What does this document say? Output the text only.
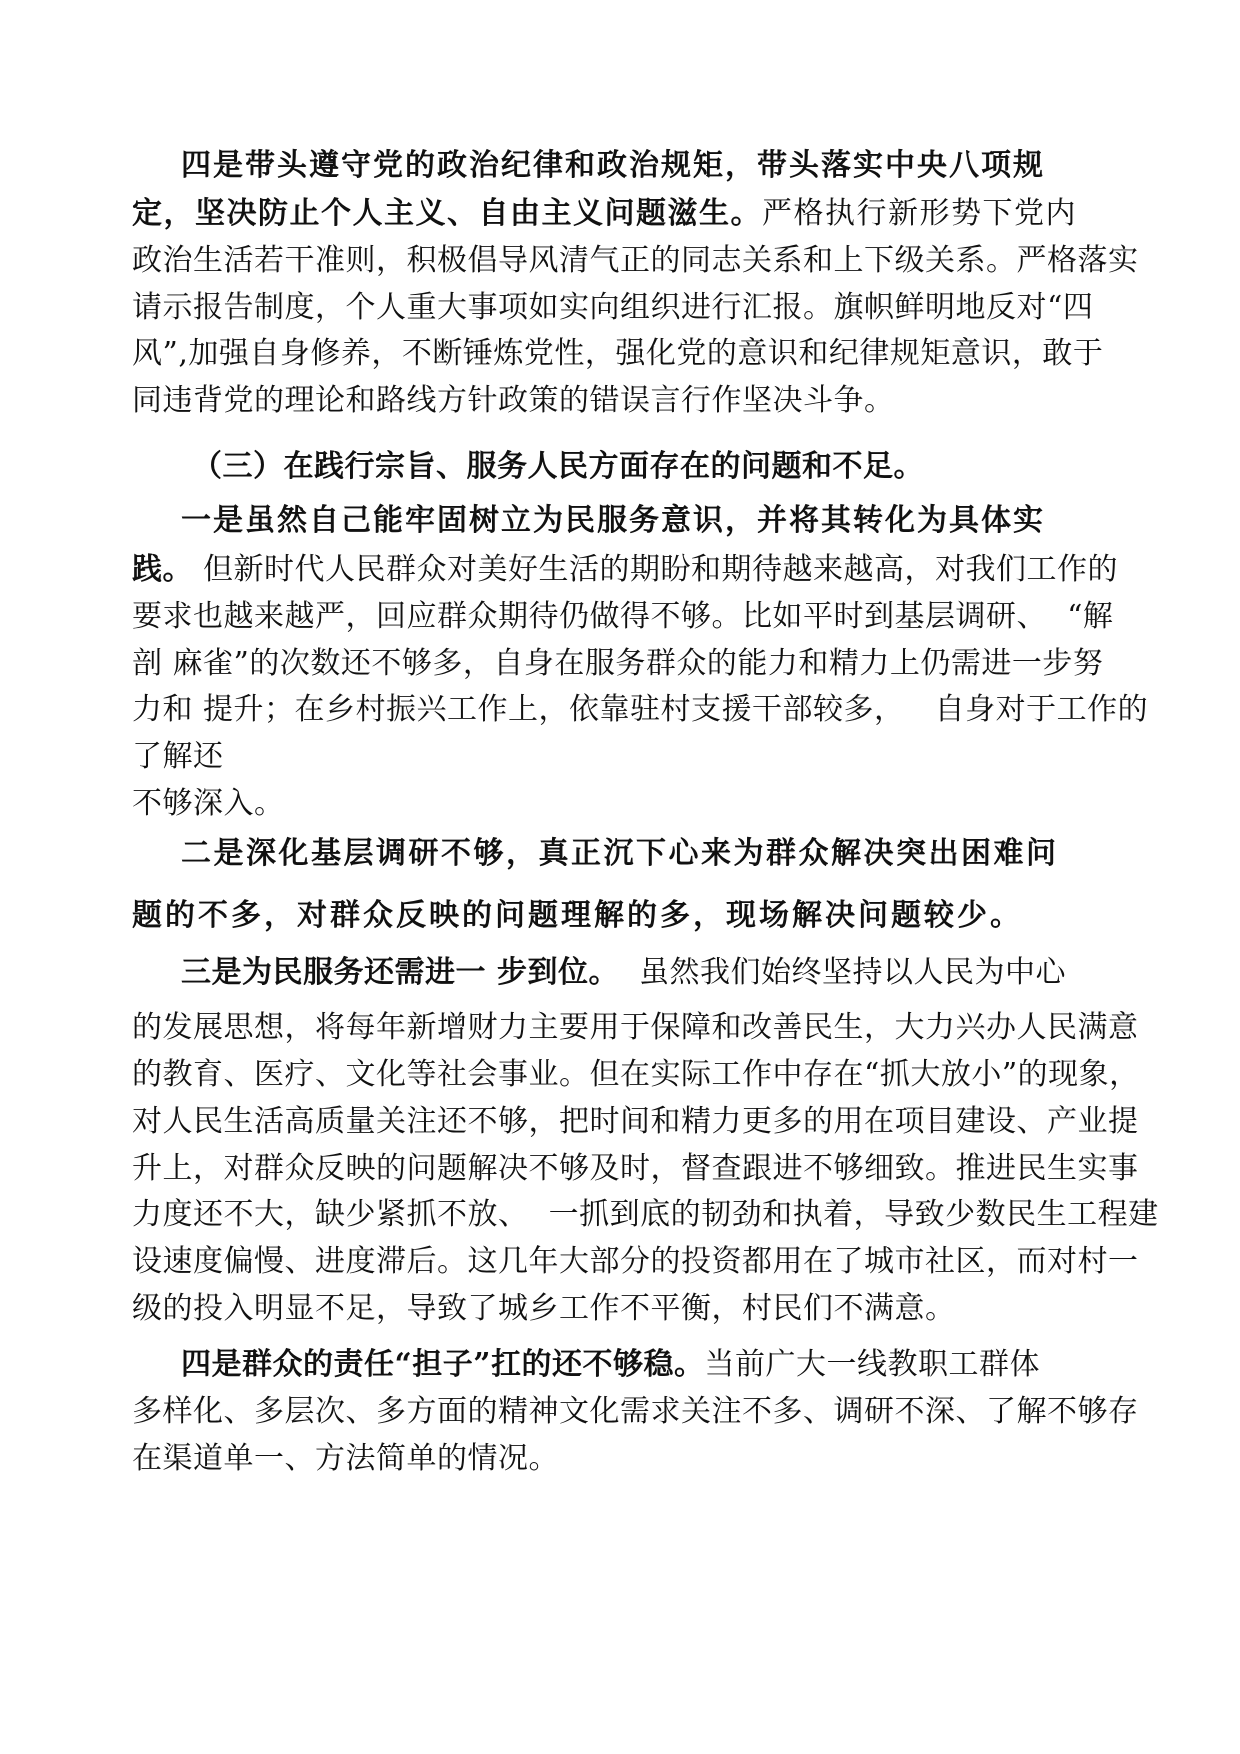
四是带头遵守党的政治纪律和政治规矩，带头落实中央八项规
定，坚决防止个人主义、自由主义问题滋生。严格执行新形势下党内
政治生活若干准则，积极倡导风清气正的同志关系和上下级关系。严格落实
请示报告制度，个人重大事项如实向组织进行汇报。旗帜鲜明地反对“四
风”,加强自身修养，不断锤炼党性，强化党的意识和纪律规矩意识，敢于
同违背党的理论和路线方针政策的错误言行作坚决斗争。
（三）在践行宗旨、服务人民方面存在的问题和不足。
一是虽然自己能牢固树立为民服务意识，并将其转化为具体实
践。 但新时代人民群众对美好生活的期盼和期待越来越高，对我们工作的
要求也越来越严，回应群众期待仍做得不够。比如平时到基层调研、  “解
剖 麻雀”的次数还不够多，自身在服务群众的能力和精力上仍需进一步努
力和 提升；在乡村振兴工作上，依靠驻村支援干部较多，   自身对于工作的
了解还
不够深入。
二是深化基层调研不够，真正沉下心来为群众解决突出困难问
题的不多，对群众反映的问题理解的多，现场解决问题较少。
三是为民服务还需进一 步到位。  虽然我们始终坚持以人民为中心
的发展思想，将每年新增财力主要用于保障和改善民生，大力兴办人民满意
的教育、医疗、文化等社会事业。但在实际工作中存在“抓大放小”的现象，
对人民生活高质量关注还不够，把时间和精力更多的用在项目建设、产业提
升上，对群众反映的问题解决不够及时，督查跟进不够细致。推进民生实事
力度还不大，缺少紧抓不放、  一抓到底的韧劲和执着，导致少数民生工程建
设速度偏慢、进度滞后。这几年大部分的投资都用在了城市社区，而对村一
级的投入明显不足，导致了城乡工作不平衡，村民们不满意。
四是群众的责任“担子”扛的还不够稳。当前广大一线教职工群体
多样化、多层次、多方面的精神文化需求关注不多、调研不深、了解不够存
在渠道单一、方法简单的情况。
